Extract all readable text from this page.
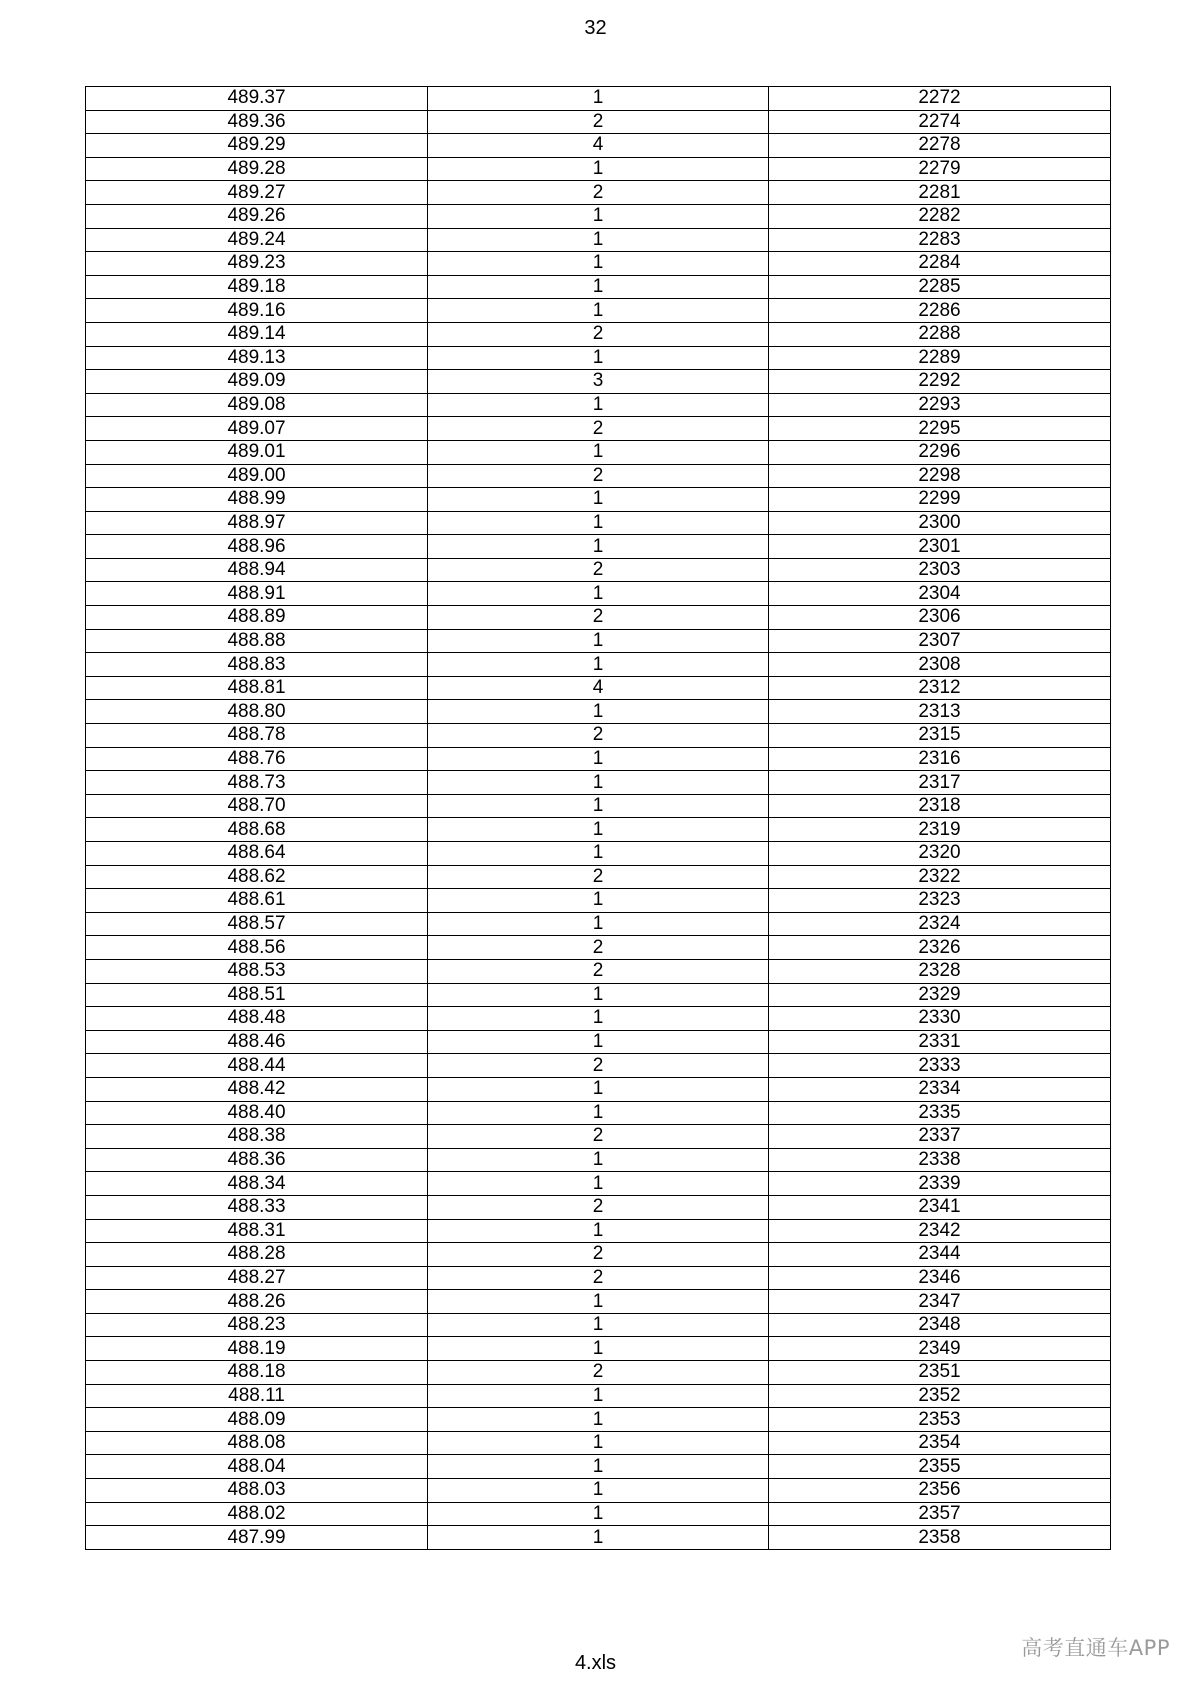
32
489.37	1	2272
489.36	2	2274
489.29	4	2278
489.28	1	2279
489.27	2	2281
489.26	1	2282
489.24	1	2283
489.23	1	2284
489.18	1	2285
489.16	1	2286
489.14	2	2288
489.13	1	2289
489.09	3	2292
489.08	1	2293
489.07	2	2295
489.01	1	2296
489.00	2	2298
488.99	1	2299
488.97	1	2300
488.96	1	2301
488.94	2	2303
488.91	1	2304
488.89	2	2306
488.88	1	2307
488.83	1	2308
488.81	4	2312
488.80	1	2313
488.78	2	2315
488.76	1	2316
488.73	1	2317
488.70	1	2318
488.68	1	2319
488.64	1	2320
488.62	2	2322
488.61	1	2323
488.57	1	2324
488.56	2	2326
488.53	2	2328
488.51	1	2329
488.48	1	2330
488.46	1	2331
488.44	2	2333
488.42	1	2334
488.40	1	2335
488.38	2	2337
488.36	1	2338
488.34	1	2339
488.33	2	2341
488.31	1	2342
488.28	2	2344
488.27	2	2346
488.26	1	2347
488.23	1	2348
488.19	1	2349
488.18	2	2351
488.11	1	2352
488.09	1	2353
488.08	1	2354
488.04	1	2355
488.03	1	2356
488.02	1	2357
487.99	1	2358
4.xls
高考直通车APP
